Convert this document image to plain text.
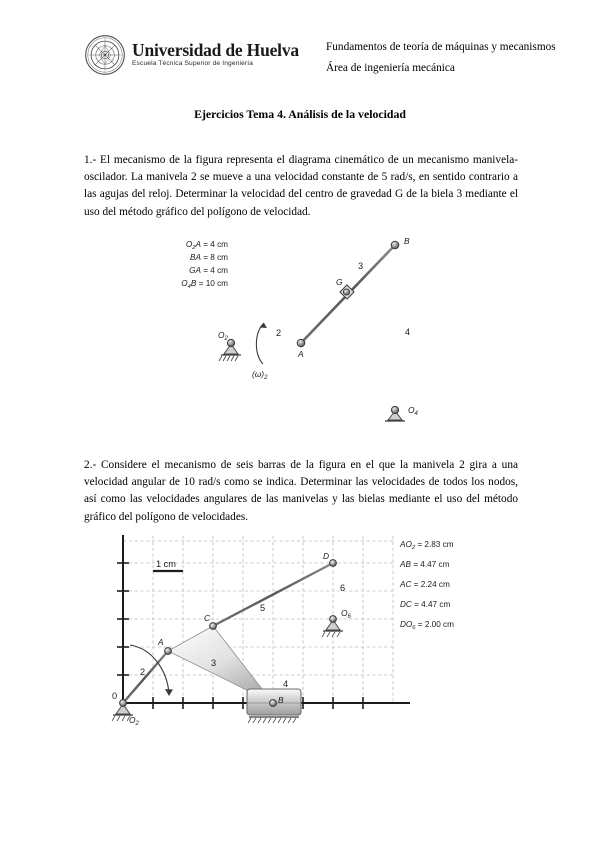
Universidad de Huelva
Escuela Técnica Superior de Ingeniería
Fundamentos de teoría de máquinas y mecanismos
Área de ingeniería mecánica
Ejercicios Tema 4. Análisis de la velocidad
1.- El mecanismo de la figura representa el diagrama cinemático de un mecanismo manivela-oscilador. La manivela 2 se mueve a una velocidad constante de 5 rad/s, en sentido contrario a las agujas del reloj. Determinar la velocidad del centro de gravedad G de la biela 3 mediante el uso del método gráfico del polígono de velocidad.
$O_2A = 4$ cm
BA = 8 cm
GA = 4 cm
$O_4B = 10$ cm
2
3
4
$O_2$
A
G
B
$O_4$
$(\omega)_2$
2.- Considere el mecanismo de seis barras de la figura en el que la manivela 2 gira a una velocidad angular de 10 rad/s como se indica. Determinar las velocidades de todos los nodos, así como las velocidades angulares de las manivelas y las bielas mediante el uso del método gráfico del polígono de velocidades.
1 cm
0
$O_2$
A
C
B
D
$O_6$
2
3
4
5
6
$AO_2 = 2.83$ cm
AB = 4.47 cm
AC = 2.24 cm
DC = 4.47 cm
$DO_6 = 2.00$ cm
